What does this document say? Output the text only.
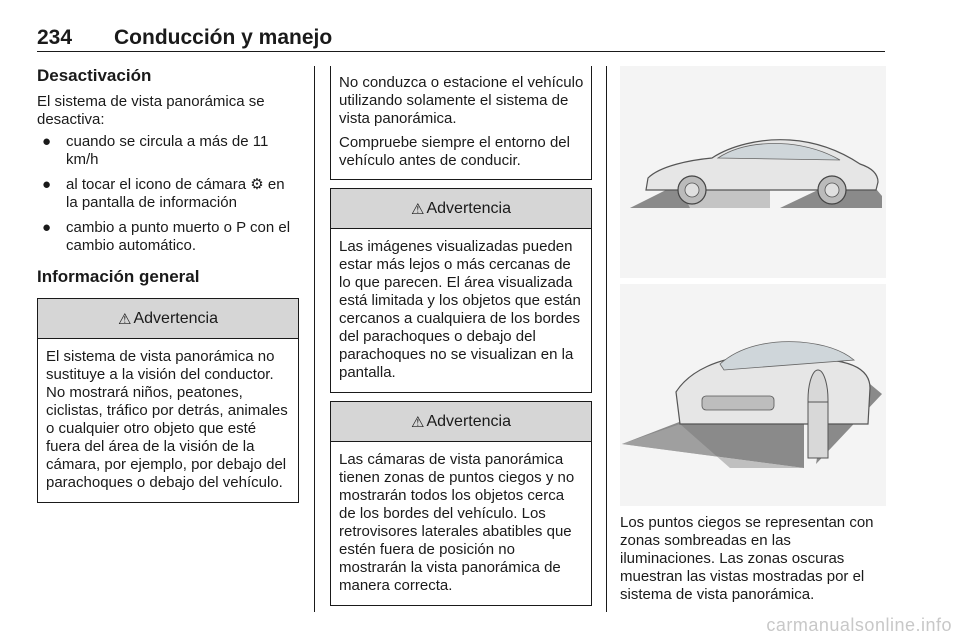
234 Conducción y manejo
Desactivación

El sistema de vista panorámica se desactiva:

● cuando se circula a más de 11 km/h
● al tocar el icono de cámara ⚙ en la pantalla de información
● cambio a punto muerto o P con el cambio automático.
Información general
⚠ Advertencia

El sistema de vista panorámica no sustituye a la visión del conductor. No mostrará niños, peatones, ciclistas, tráfico por detrás, animales o cualquier otro objeto que esté fuera del área de la visión de la cámara, por ejemplo, por debajo del parachoques o debajo del vehículo.

No conduzca o estacione el vehículo utilizando solamente el sistema de vista panorámica.

Compruebe siempre el entorno del vehículo antes de conducir.

⚠ Advertencia

Las imágenes visualizadas pueden estar más lejos o más cercanas de lo que parecen. El área visualizada está limitada y los objetos que están cercanos a cualquiera de los bordes del parachoques o debajo del parachoques no se visualizan en la pantalla.

⚠ Advertencia

Las cámaras de vista panorámica tienen zonas de puntos ciegos y no mostrarán todos los objetos cerca de los bordes del vehículo. Los retrovisores laterales abatibles que estén fuera de posición no mostrarán la vista panorámica de manera correcta.

Los puntos ciegos se representan con zonas sombreadas en las iluminaciones. Las zonas oscuras muestran las vistas mostradas por el sistema de vista panorámica.

carmanualsonline.info
